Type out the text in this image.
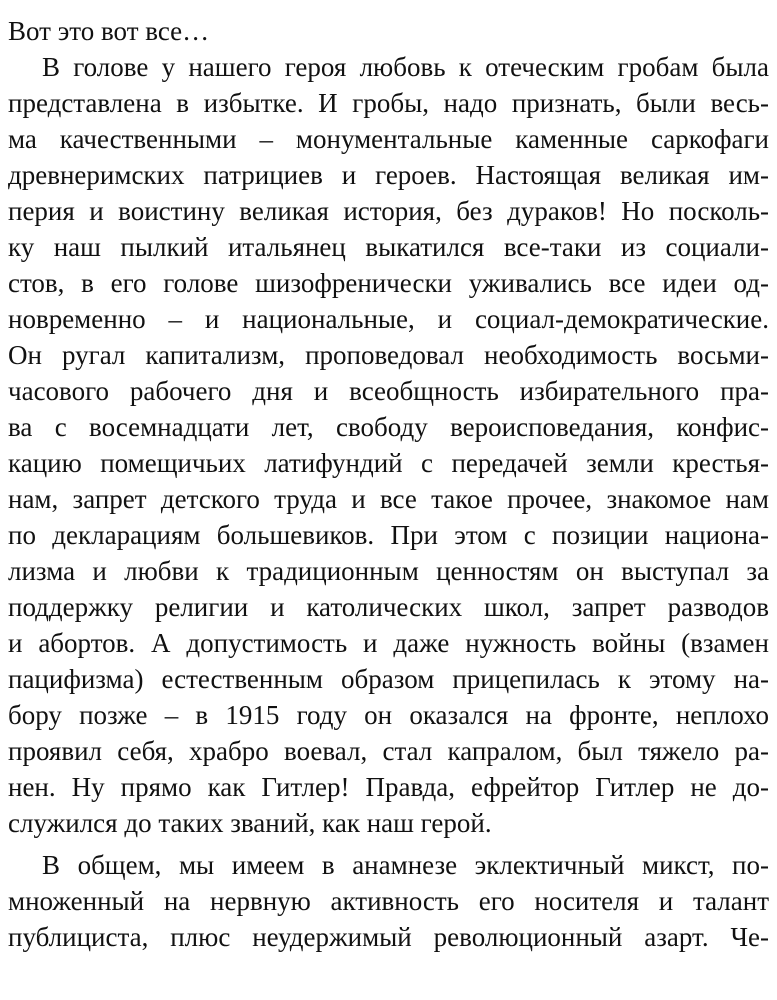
Вот это вот все…
В голове у нашего героя любовь к отеческим гробам была
представлена в избытке. И гробы, надо признать, были весь-
ма качественными – монументальные каменные саркофаги
древнеримских патрициев и героев. Настоящая великая им-
перия и воистину великая история, без дураков! Но посколь-
ку наш пылкий итальянец выкатился все-таки из социали-
стов, в его голове шизофренически уживались все идеи од-
новременно – и национальные, и социал-демократические.
Он ругал капитализм, проповедовал необходимость восьми-
часового рабочего дня и всеобщность избирательного пра-
ва с восемнадцати лет, свободу вероисповедания, конфис-
кацию помещичьих латифундий с передачей земли крестья-
нам, запрет детского труда и все такое прочее, знакомое нам
по декларациям большевиков. При этом с позиции национа-
лизма и любви к традиционным ценностям он выступал за
поддержку религии и католических школ, запрет разводов
и абортов. А допустимость и даже нужность войны (взамен
пацифизма) естественным образом прицепилась к этому на-
бору позже – в 1915 году он оказался на фронте, неплохо
проявил себя, храбро воевал, стал капралом, был тяжело ра-
нен. Ну прямо как Гитлер! Правда, ефрейтор Гитлер не до-
служился до таких званий, как наш герой.
В общем, мы имеем в анамнезе эклектичный микст, по-
множенный на нервную активность его носителя и талант
публициста, плюс неудержимый революционный азарт. Че-
